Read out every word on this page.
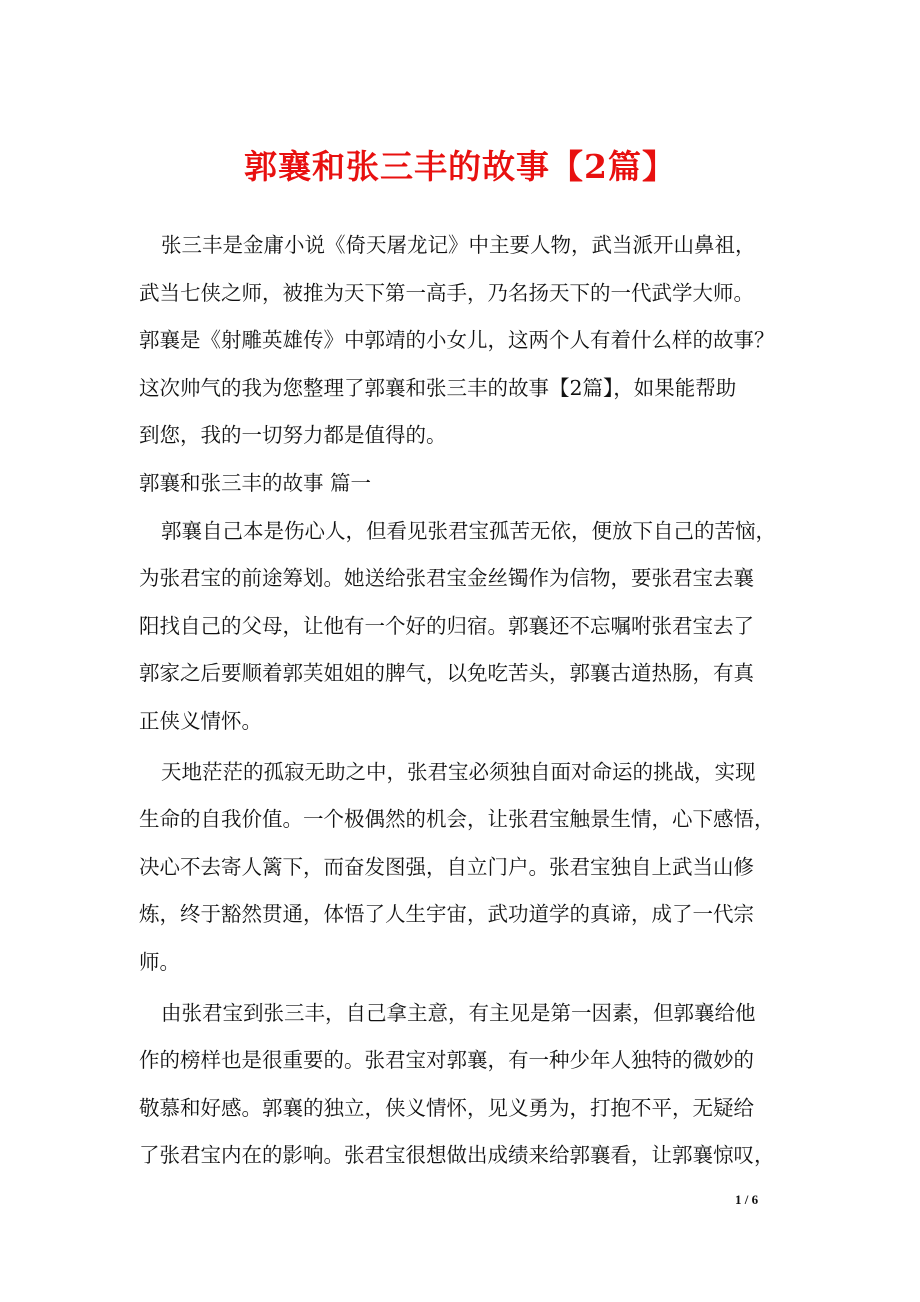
郭襄和张三丰的故事【2篇】
张三丰是金庸小说《倚天屠龙记》中主要人物，武当派开山鼻祖，
武当七侠之师，被推为天下第一高手，乃名扬天下的一代武学大师。
郭襄是《射雕英雄传》中郭靖的小女儿，这两个人有着什么样的故事？
这次帅气的我为您整理了郭襄和张三丰的故事【2篇】，如果能帮助
到您，我的一切努力都是值得的。
郭襄和张三丰的故事 篇一
郭襄自己本是伤心人，但看见张君宝孤苦无依，便放下自己的苦恼，
为张君宝的前途筹划。她送给张君宝金丝镯作为信物，要张君宝去襄
阳找自己的父母，让他有一个好的归宿。郭襄还不忘嘱咐张君宝去了
郭家之后要顺着郭芙姐姐的脾气，以免吃苦头，郭襄古道热肠，有真
正侠义情怀。
天地茫茫的孤寂无助之中，张君宝必须独自面对命运的挑战，实现
生命的自我价值。一个极偶然的机会，让张君宝触景生情，心下感悟，
决心不去寄人篱下，而奋发图强，自立门户。张君宝独自上武当山修
炼，终于豁然贯通，体悟了人生宇宙，武功道学的真谛，成了一代宗
师。
由张君宝到张三丰，自己拿主意，有主见是第一因素，但郭襄给他
作的榜样也是很重要的。张君宝对郭襄，有一种少年人独特的微妙的
敬慕和好感。郭襄的独立，侠义情怀，见义勇为，打抱不平，无疑给
了张君宝内在的影响。张君宝很想做出成绩来给郭襄看，让郭襄惊叹，
1 / 6
